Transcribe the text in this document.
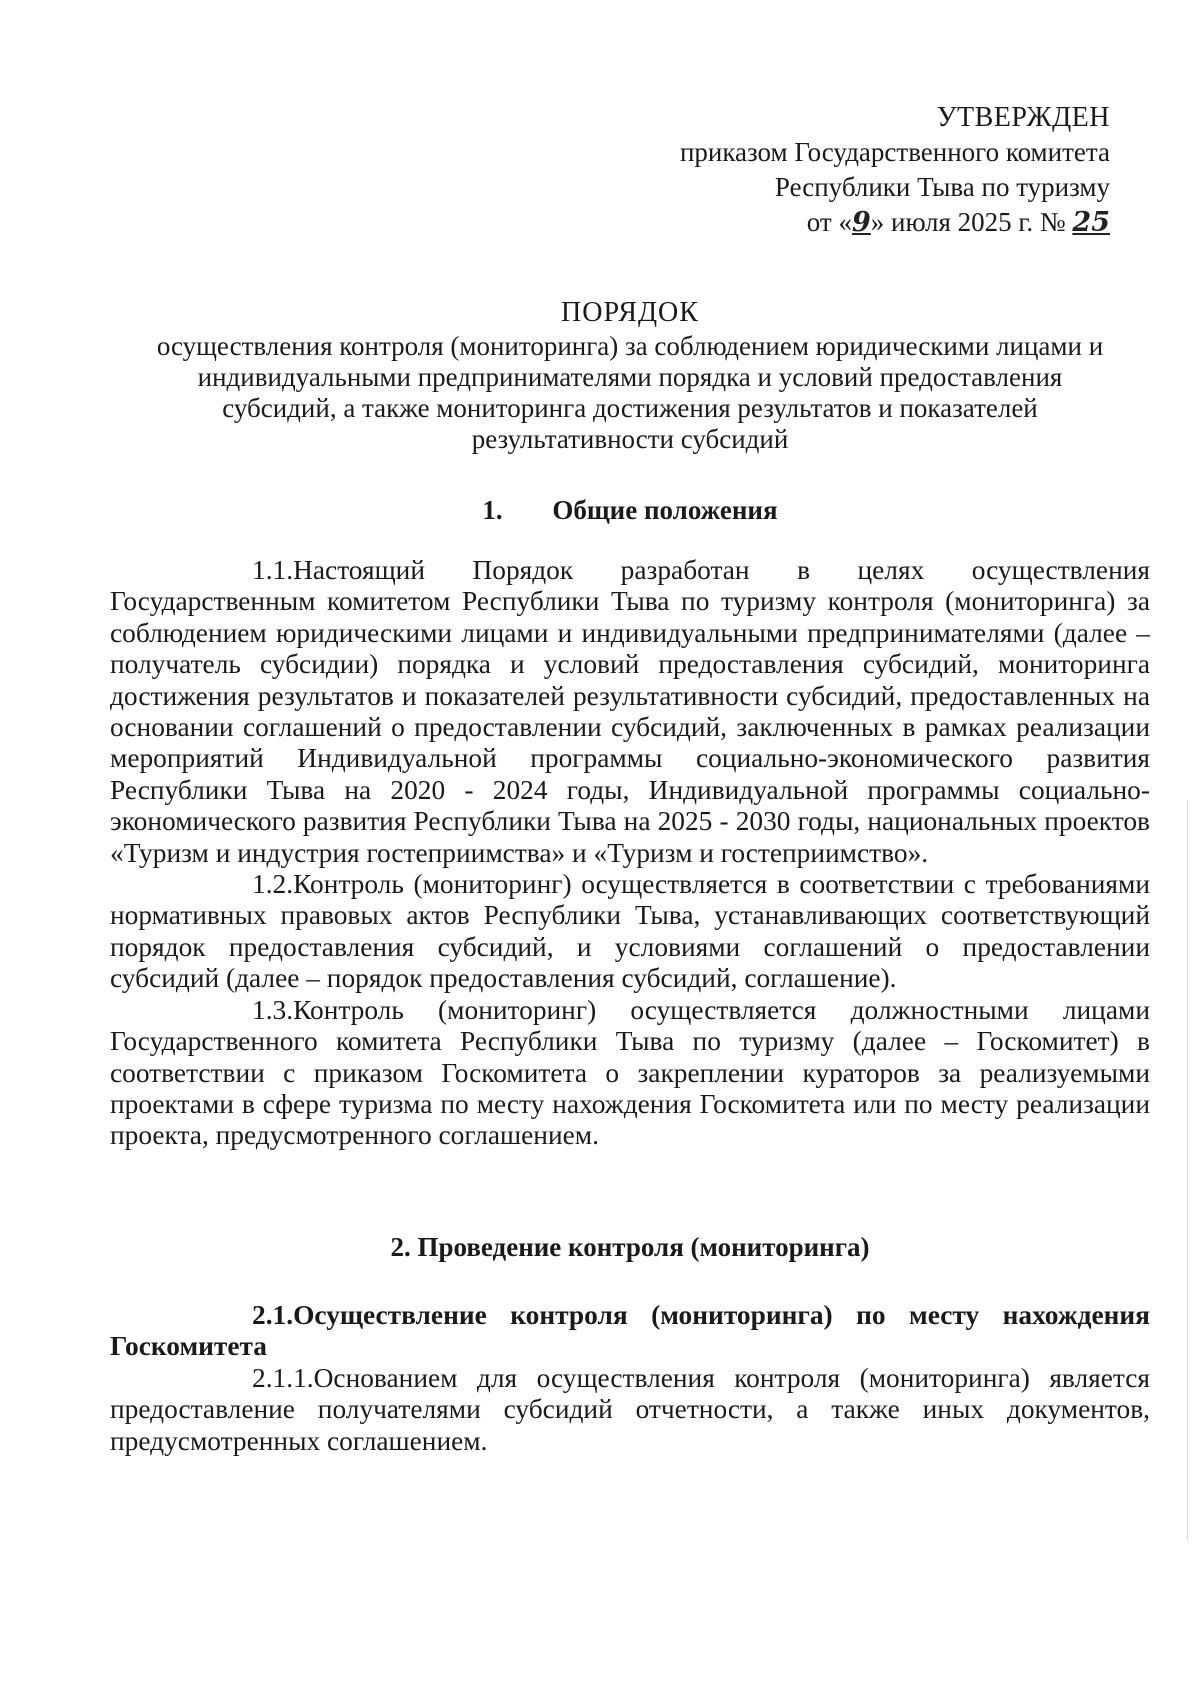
УТВЕРЖДЕН
приказом Государственного комитета
Республики Тыва по туризму
от «9» июля 2025 г. № 25
ПОРЯДОК
осуществления контроля (мониторинга) за соблюдением юридическими лицами и
индивидуальными предпринимателями порядка и условий предоставления
субсидий, а также мониторинга достижения результатов и показателей
результативности субсидий
1. Общие положения

1.1.Настоящий Порядок разработан в целях осуществления Государственным комитетом Республики Тыва по туризму контроля (мониторинга) за соблюдением юридическими лицами и индивидуальными предпринимателями (далее – получатель субсидии) порядка и условий предоставления субсидий, мониторинга достижения результатов и показателей результативности субсидий, предоставленных на основании соглашений о предоставлении субсидий, заключенных в рамках реализации мероприятий Индивидуальной программы социально-экономического развития Республики Тыва на 2020 - 2024 годы, Индивидуальной программы социально-экономического развития Республики Тыва на 2025 - 2030 годы, национальных проектов «Туризм и индустрия гостеприимства» и «Туризм и гостеприимство».

1.2.Контроль (мониторинг) осуществляется в соответствии с требованиями нормативных правовых актов Республики Тыва, устанавливающих соответствующий порядок предоставления субсидий, и условиями соглашений о предоставлении субсидий (далее – порядок предоставления субсидий, соглашение).

1.3.Контроль (мониторинг) осуществляется должностными лицами Государственного комитета Республики Тыва по туризму (далее – Госкомитет) в соответствии с приказом Госкомитета о закреплении кураторов за реализуемыми проектами в сфере туризма по месту нахождения Госкомитета или по месту реализации проекта, предусмотренного соглашением.

2. Проведение контроля (мониторинга)

2.1.Осуществление контроля (мониторинга) по месту нахождения Госкомитета

2.1.1.Основанием для осуществления контроля (мониторинга) является предоставление получателями субсидий отчетности, а также иных документов, предусмотренных соглашением.
